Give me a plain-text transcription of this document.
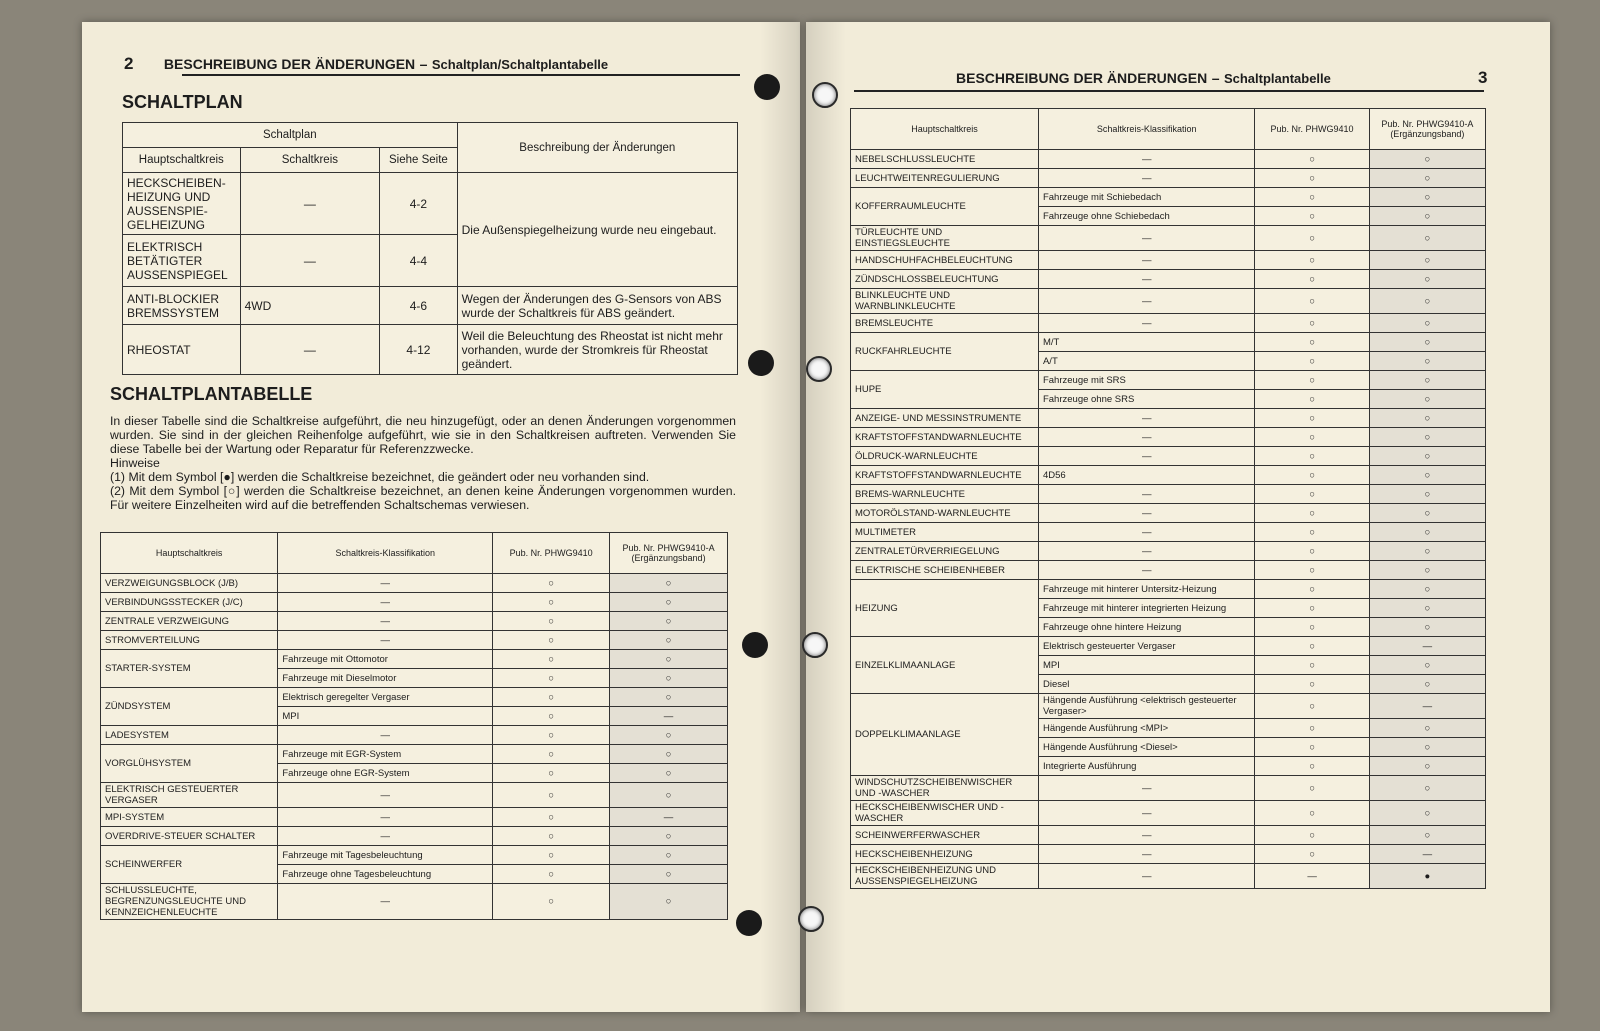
2 BESCHREIBUNG DER ÄNDERUNGEN – Schaltplan/Schaltplantabelle
SCHALTPLAN
Schaltplan			Beschreibung der Änderungen
Hauptschaltkreis	Schaltkreis	Siehe Seite	
HECKSCHEIBEN-HEIZUNG UND AUSSENSPIE-GELHEIZUNG	—	4-2	Die Außenspiegelheizung wurde neu eingebaut.
ELEKTRISCH BETÄTIGTER AUSSENSPIEGEL	—	4-4	
ANTI-BLOCKIER BREMSSYSTEM	4WD	4-6	Wegen der Änderungen des G-Sensors von ABS wurde der Schaltkreis für ABS geändert.
RHEOSTAT	—	4-12	Weil die Beleuchtung des Rheostat ist nicht mehr vorhanden, wurde der Stromkreis für Rheostat geändert.
SCHALTPLANTABELLE

In dieser Tabelle sind die Schaltkreise aufgeführt, die neu hinzugefügt, oder an denen Änderungen vorgenommen wurden. Sie sind in der gleichen Reihenfolge aufgeführt, wie sie in den Schaltkreisen auftreten. Verwenden Sie diese Tabelle bei der Wartung oder Reparatur für Referenzzwecke.

Hinweise

(1) Mit dem Symbol [●] werden die Schaltkreise bezeichnet, die geändert oder neu vorhanden sind.

(2) Mit dem Symbol [○] werden die Schaltkreise bezeichnet, an denen keine Änderungen vorgenommen wurden. Für weitere Einzelheiten wird auf die betreffenden Schaltschemas verwiesen.

Hauptschaltkreis	Schaltkreis-Klassifikation	Pub. Nr. PHWG9410	Pub. Nr. PHWG9410-A (Ergänzungsband)
VERZWEIGUNGSBLOCK (J/B)	—	○	○
VERBINDUNGSSTECKER (J/C)	—	○	○
ZENTRALE VERZWEIGUNG	—	○	○
STROMVERTEILUNG	—	○	○
STARTER-SYSTEM	Fahrzeuge mit Ottomotor	○	○
	Fahrzeuge mit Dieselmotor	○	○
ZÜNDSYSTEM	Elektrisch geregelter Vergaser	○	○
	MPI	○	—
LADESYSTEM	—	○	○
VORGLÜHSYSTEM	Fahrzeuge mit EGR-System	○	○
	Fahrzeuge ohne EGR-System	○	○
ELEKTRISCH GESTEUERTER VERGASER	—	○	○
MPI-SYSTEM	—	○	—
OVERDRIVE-STEUER SCHALTER	—	○	○
SCHEINWERFER	Fahrzeuge mit Tagesbeleuchtung	○	○
	Fahrzeuge ohne Tagesbeleuchtung	○	○
SCHLUSSLEUCHTE, BEGRENZUNGSLEUCHTE UND KENNZEICHENLEUCHTE	—	○	○
BESCHREIBUNG DER ÄNDERUNGEN – Schaltplantabelle	3
Hauptschaltkreis	Schaltkreis-Klassifikation	Pub. Nr. PHWG9410	Pub. Nr. PHWG9410-A (Ergänzungsband)
NEBELSCHLUSSLEUCHTE	—	○	○
LEUCHTWEITENREGULIERUNG	—	○	○
KOFFERRAUMLEUCHTE	Fahrzeuge mit Schiebedach	○	○
	Fahrzeuge ohne Schiebedach	○	○
TÜRLEUCHTE UND EINSTIEGSLEUCHTE	—	○	○
HANDSCHUHFACHBELEUCHTUNG	—	○	○
ZÜNDSCHLOSSBELEUCHTUNG	—	○	○
BLINKLEUCHTE UND WARNBLINKLEUCHTE	—	○	○
BREMSLEUCHTE	—	○	○
RUCKFAHRLEUCHTE	M/T	○	○
	A/T	○	○
HUPE	Fahrzeuge mit SRS	○	○
	Fahrzeuge ohne SRS	○	○
ANZEIGE- UND MESSINSTRUMENTE	—	○	○
KRAFTSTOFFSTANDWARNLEUCHTE	—	○	○
ÖLDRUCK-WARNLEUCHTE	—	○	○
KRAFTSTOFFSTANDWARNLEUCHTE	4D56	○	○
BREMS-WARNLEUCHTE	—	○	○
MOTORÖLSTAND-WARNLEUCHTE	—	○	○
MULTIMETER	—	○	○
ZENTRALETÜRVERRIEGELUNG	—	○	○
ELEKTRISCHE SCHEIBENHEBER	—	○	○
HEIZUNG	Fahrzeuge mit hinterer Untersitz-Heizung	○	○
	Fahrzeuge mit hinterer integrierten Heizung	○	○
	Fahrzeuge ohne hintere Heizung	○	○
EINZELKLIMAANLAGE	Elektrisch gesteuerter Vergaser	○	—
	MPI	○	○
	Diesel	○	○
DOPPELKLIMAANLAGE	Hängende Ausführung <elektrisch gesteuerter Vergaser>	○	—
	Hängende Ausführung <MPI>	○	○
	Hängende Ausführung <Diesel>	○	○
	Integrierte Ausführung	○	○
WINDSCHUTZSCHEIBENWISCHER UND -WASCHER	—	○	○
HECKSCHEIBENWISCHER UND -WASCHER	—	○	○
SCHEINWERFERWASCHER	—	○	○
HECKSCHEIBENHEIZUNG	—	○	—
HECKSCHEIBENHEIZUNG UND AUSSENSPIEGELHEIZUNG	—	—	●
